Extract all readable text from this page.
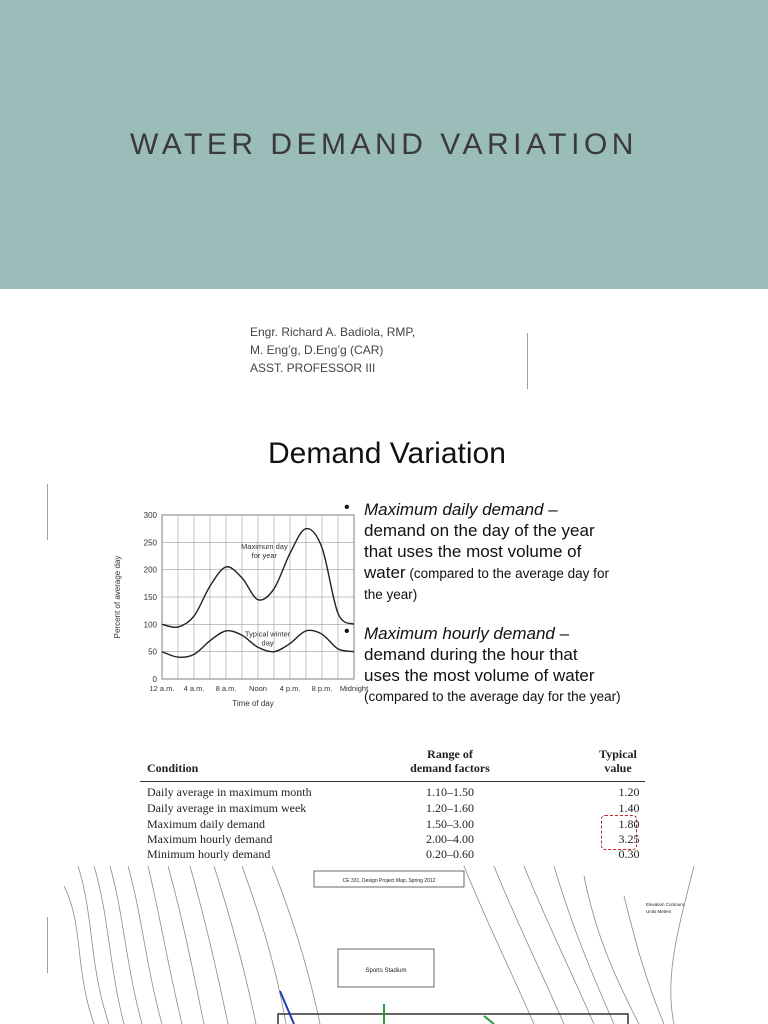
WATER DEMAND VARIATION
Engr. Richard A. Badiola, RMP,
M. Eng’g, D.Eng’g (CAR)
ASST. PROFESSOR III
Demand Variation
0
50
100
150
200
250
300
12 a.m. 4 a.m. 8 a.m. Noon 4 p.m. 8 p.m. Midnight
Time of day
Percent of average day
Maximum day
for year
Typical winter
day
• Maximum daily demand –
demand on the day of the year
that uses the most volume of
water (compared to the average day for
the year)
• Maximum hourly demand –
demand during the hour that
uses the most volume of water
(compared to the average day for the year)
Condition
Range of
demand factors
Typical
value
Daily average in maximum month	1.10–1.50	1.20
Daily average in maximum week	1.20–1.60	1.40
Maximum daily demand	1.50–3.00	1.80
Maximum hourly demand	2.00–4.00	3.25
Minimum hourly demand	0.20–0.60	0.30
CE 331, Design Project Map, Spring 2012
Elevation Contours,
Units Meters
Sports Stadium
